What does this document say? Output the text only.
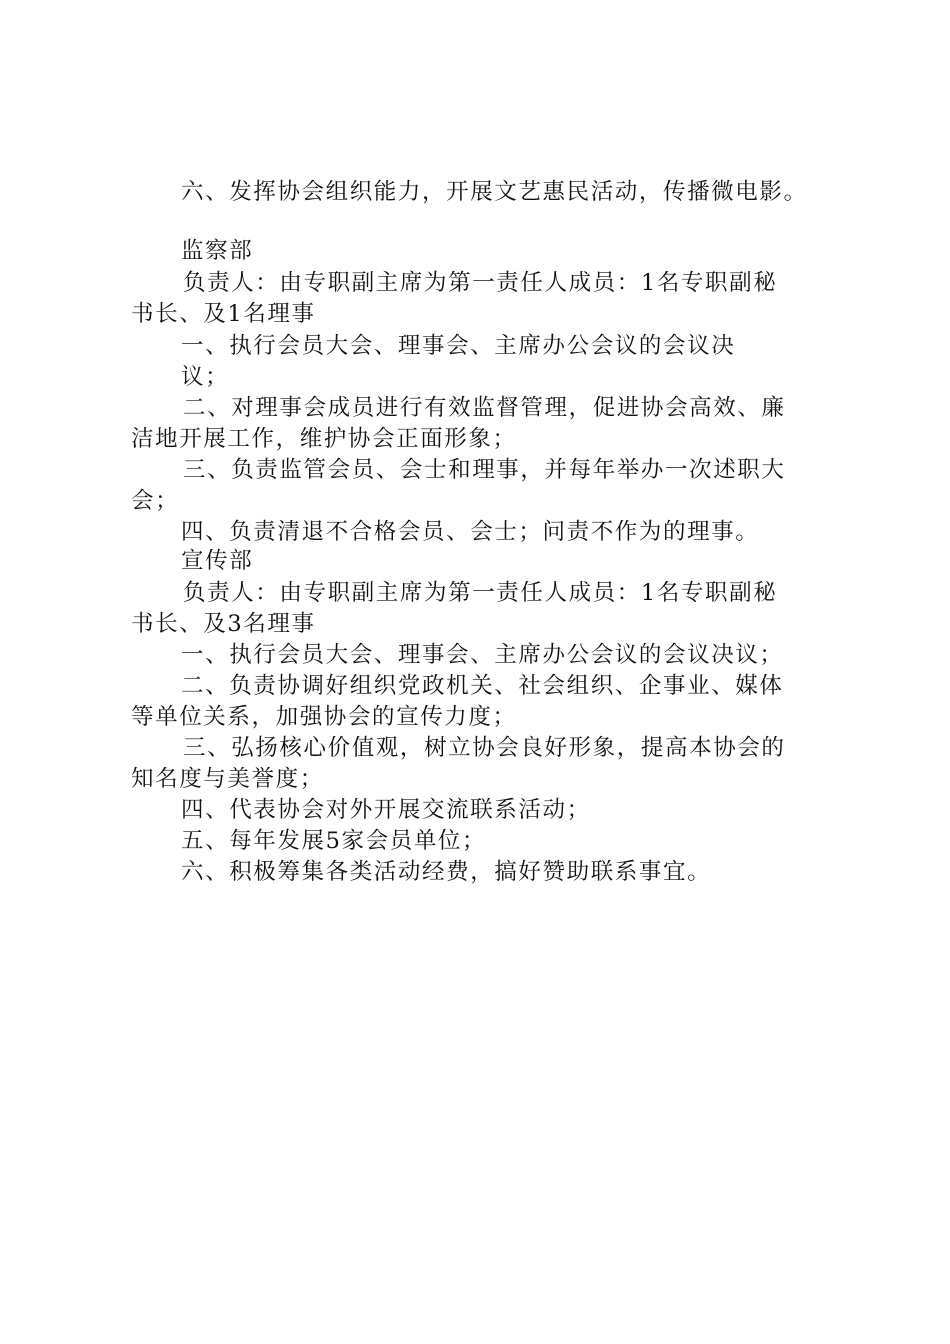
六、发挥协会组织能力，开展文艺惠民活动，传播微电影。
监察部
负责人：由专职副主席为第一责任人成员：1名专职副秘
书长、及1名理事
一、执行会员大会、理事会、主席办公会议的会议决
议；
二、对理事会成员进行有效监督管理，促进协会高效、廉
洁地开展工作，维护协会正面形象；
三、负责监管会员、会士和理事，并每年举办一次述职大
会；
四、负责清退不合格会员、会士；问责不作为的理事。
宣传部
负责人：由专职副主席为第一责任人成员：1名专职副秘
书长、及3名理事
一、执行会员大会、理事会、主席办公会议的会议决议；
二、负责协调好组织党政机关、社会组织、企事业、媒体
等单位关系，加强协会的宣传力度；
三、弘扬核心价值观，树立协会良好形象，提高本协会的
知名度与美誉度；
四、代表协会对外开展交流联系活动；
五、每年发展5家会员单位；
六、积极筹集各类活动经费，搞好赞助联系事宜。
